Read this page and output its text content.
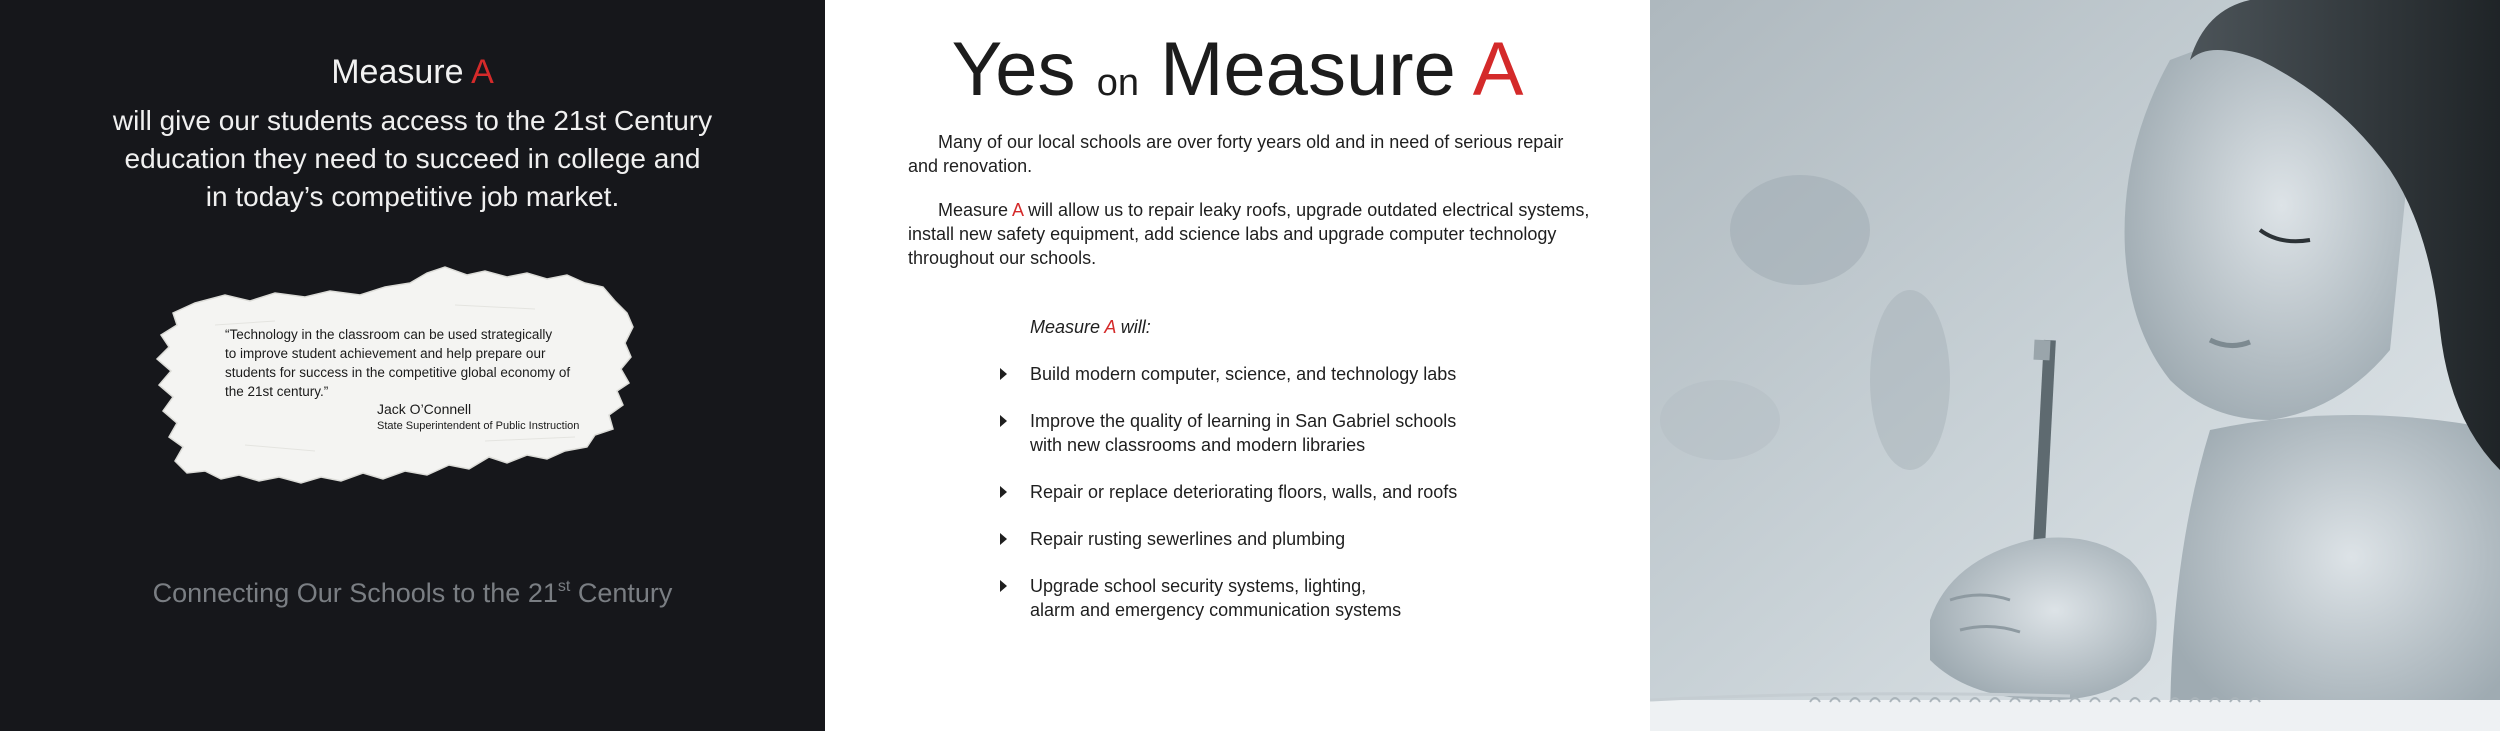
Measure A
will give our students access to the 21st Century
education they need to succeed in college and
in today’s competitive job market.
“Technology in the classroom can be used strategically
to improve student achievement and help prepare our
students for success in the competitive global economy of
the 21st century.”
Jack O’Connell
State Superintendent of Public Instruction
Connecting Our Schools to the 21st Century
Yes on Measure A
Many of our local schools are over forty years old and in need of serious repair and renovation.
Measure A will allow us to repair leaky roofs, upgrade outdated electrical systems, install new safety equipment, add science labs and upgrade computer technology throughout our schools.
Measure A will:
Build modern computer, science, and technology labs
Improve the quality of learning in San Gabriel schools
with new classrooms and modern libraries
Repair or replace deteriorating floors, walls, and roofs
Repair rusting sewerlines and plumbing
Upgrade school security systems, lighting,
alarm and emergency communication systems
